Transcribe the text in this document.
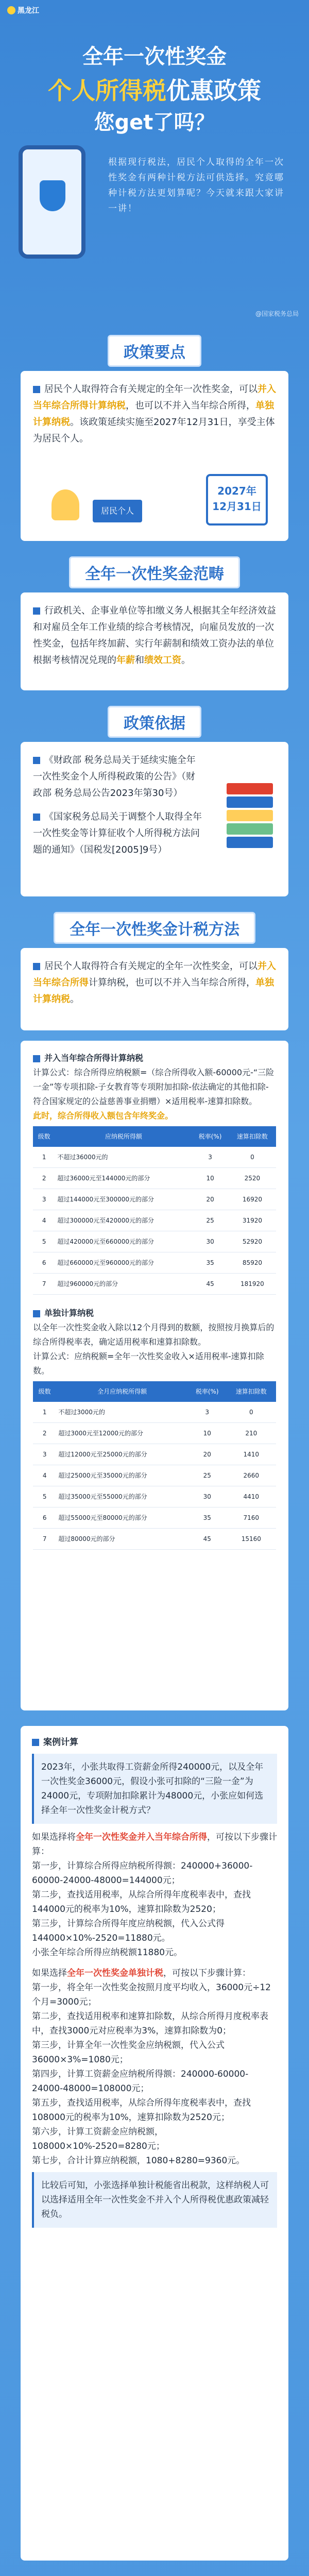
黑龙江
全年一次性奖金
个人所得税优惠政策
您get了吗？
根据现行税法，居民个人取得的全年一次性奖金有两种计税方法可供选择。究竟哪种计税方法更划算呢？今天就来跟大家讲一讲！
@国家税务总局
政策要点

居民个人取得符合有关规定的全年一次性奖金，可以并入当年综合所得计算纳税，也可以不并入当年综合所得，单独计算纳税。该政策延续实施至2027年12月31日，享受主体为居民个人。

居民个人
2027年
12月31日
全年一次性奖金范畴

行政机关、企事业单位等扣缴义务人根据其全年经济效益和对雇员全年工作业绩的综合考核情况，向雇员发放的一次性奖金，包括年终加薪、实行年薪制和绩效工资办法的单位根据考核情况兑现的年薪和绩效工资。

政策依据

《财政部 税务总局关于延续实施全年一次性奖金个人所得税政策的公告》（财政部 税务总局公告2023年第30号）

《国家税务总局关于调整个人取得全年一次性奖金等计算征收个人所得税方法问题的通知》（国税发[2005]9号）

全年一次性奖金计税方法

居民个人取得符合有关规定的全年一次性奖金，可以并入当年综合所得计算纳税，也可以不并入当年综合所得，单独计算纳税。

并入当年综合所得计算纳税

计算公式：综合所得应纳税额=（综合所得收入额-60000元-“三险一金”等专项扣除-子女教育等专项附加扣除-依法确定的其他扣除-符合国家规定的公益慈善事业捐赠）×适用税率-速算扣除数。

此时，综合所得收入额包含年终奖金。

级数	应纳税所得额	税率(%)	速算扣除数
1	不超过36000元的	3	0
2	超过36000元至144000元的部分	10	2520
3	超过144000元至300000元的部分	20	16920
4	超过300000元至420000元的部分	25	31920
5	超过420000元至660000元的部分	30	52920
6	超过660000元至960000元的部分	35	85920
7	超过960000元的部分	45	181920

单独计算纳税

以全年一次性奖金收入除以12个月得到的数额，按照按月换算后的综合所得税率表，确定适用税率和速算扣除数。

计算公式：应纳税额=全年一次性奖金收入×适用税率-速算扣除数。

级数	全月应纳税所得额	税率(%)	速算扣除数
1	不超过3000元的	3	0
2	超过3000元至12000元的部分	10	210
3	超过12000元至25000元的部分	20	1410
4	超过25000元至35000元的部分	25	2660
5	超过35000元至55000元的部分	30	4410
6	超过55000元至80000元的部分	35	7160
7	超过80000元的部分	45	15160

案例计算

2023年，小张共取得工资薪金所得240000元，以及全年一次性奖金36000元，假设小张可扣除的“三险一金”为24000元，专项附加扣除累计为48000元，小张应如何选择全年一次性奖金计税方式？

如果选择将全年一次性奖金并入当年综合所得，可按以下步骤计算：

第一步，计算综合所得应纳税所得额：240000+36000-60000-24000-48000=144000元；

第二步，查找适用税率，从综合所得年度税率表中，查找144000元的税率为10%，速算扣除数为2520；

第三步，计算综合所得年度应纳税额，代入公式得144000×10%-2520=11880元。

小张全年综合所得应纳税额11880元。

如果选择全年一次性奖金单独计税，可按以下步骤计算：

第一步，将全年一次性奖金按照月度平均收入，36000元÷12个月=3000元；

第二步，查找适用税率和速算扣除数，从综合所得月度税率表中，查找3000元对应税率为3%，速算扣除数为0；

第三步，计算全年一次性奖金应纳税额，代入公式36000×3%=1080元；

第四步，计算工资薪金应纳税所得额：240000-60000-24000-48000=108000元；

第五步，查找适用税率，从综合所得年度税率表中，查找108000元的税率为10%，速算扣除数为2520元；

第六步，计算工资薪金应纳税额，108000×10%-2520=8280元；

第七步，合计计算应纳税额，1080+8280=9360元。

比较后可知，小张选择单独计税能省出税款，这样纳税人可以选择适用全年一次性奖金不并入个人所得税优惠政策减轻税负。
